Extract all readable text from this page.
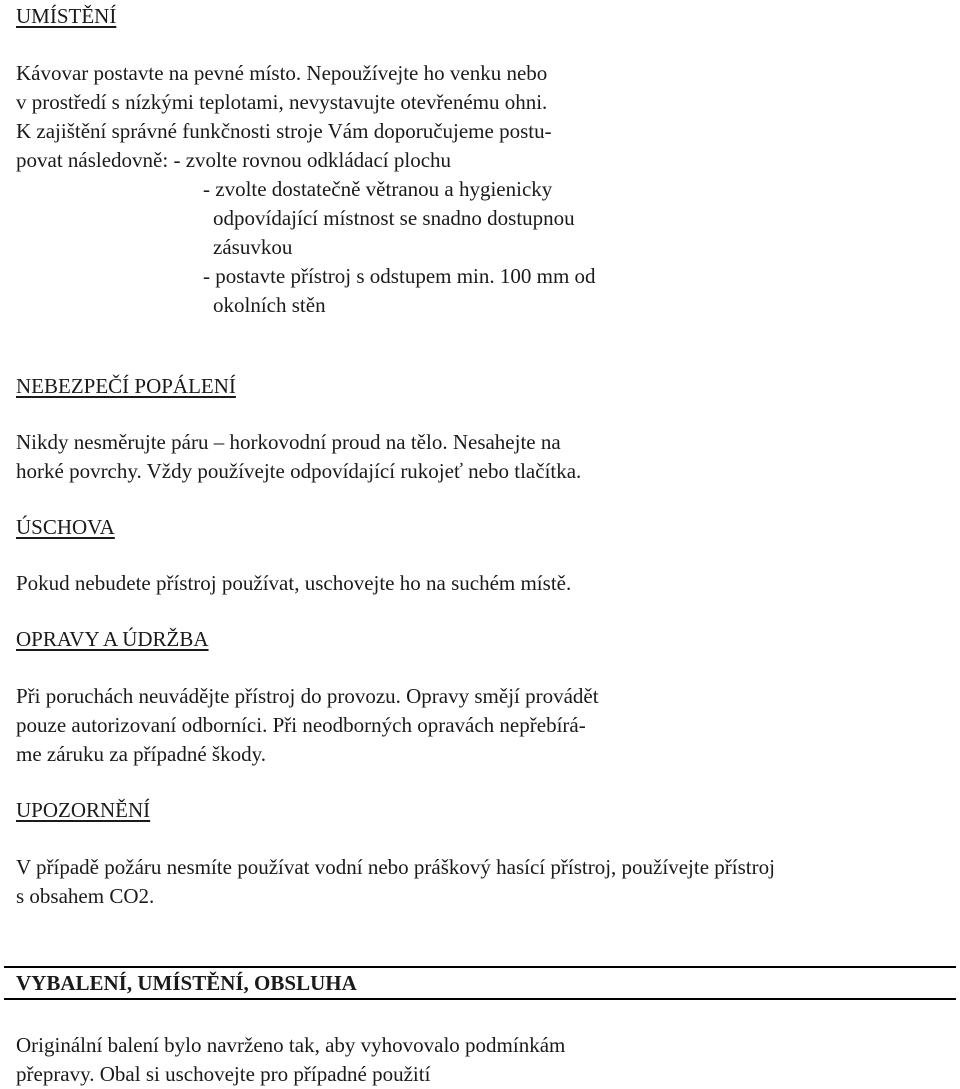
UMÍSTĚNÍ
Kávovar postavte na pevné místo. Nepoužívejte ho venku nebo
v prostředí s nízkými teplotami, nevystavujte otevřenému ohni.
K zajištění správné funkčnosti stroje Vám doporučujeme postu-
povat následovně: - zvolte rovnou odkládací plochu
- zvolte dostatečně větranou a hygienicky
odpovídající místnost se snadno dostupnou
zásuvkou
- postavte přístroj s odstupem min. 100 mm od
okolních stěn
NEBEZPEČÍ POPÁLENÍ
Nikdy nesměrujte páru – horkovodní proud na tělo. Nesahejte na
horké povrchy. Vždy používejte odpovídající rukojeť nebo tlačítka.
ÚSCHOVA
Pokud nebudete přístroj používat, uschovejte ho na suchém místě.
OPRAVY A ÚDRŽBA
Při poruchách neuvádějte přístroj do provozu. Opravy smějí provádět
pouze autorizovaní odborníci. Při neodborných opravách nepřebírá-
me záruku za případné škody.
UPOZORNĚNÍ
V případě požáru nesmíte používat vodní nebo práškový hasící přístroj, používejte přístroj
s obsahem CO2.
VYBALENÍ, UMÍSTĚNÍ, OBSLUHA
Originální balení bylo navrženo tak, aby vyhovovalo podmínkám
přepravy. Obal si uschovejte pro případné použití
